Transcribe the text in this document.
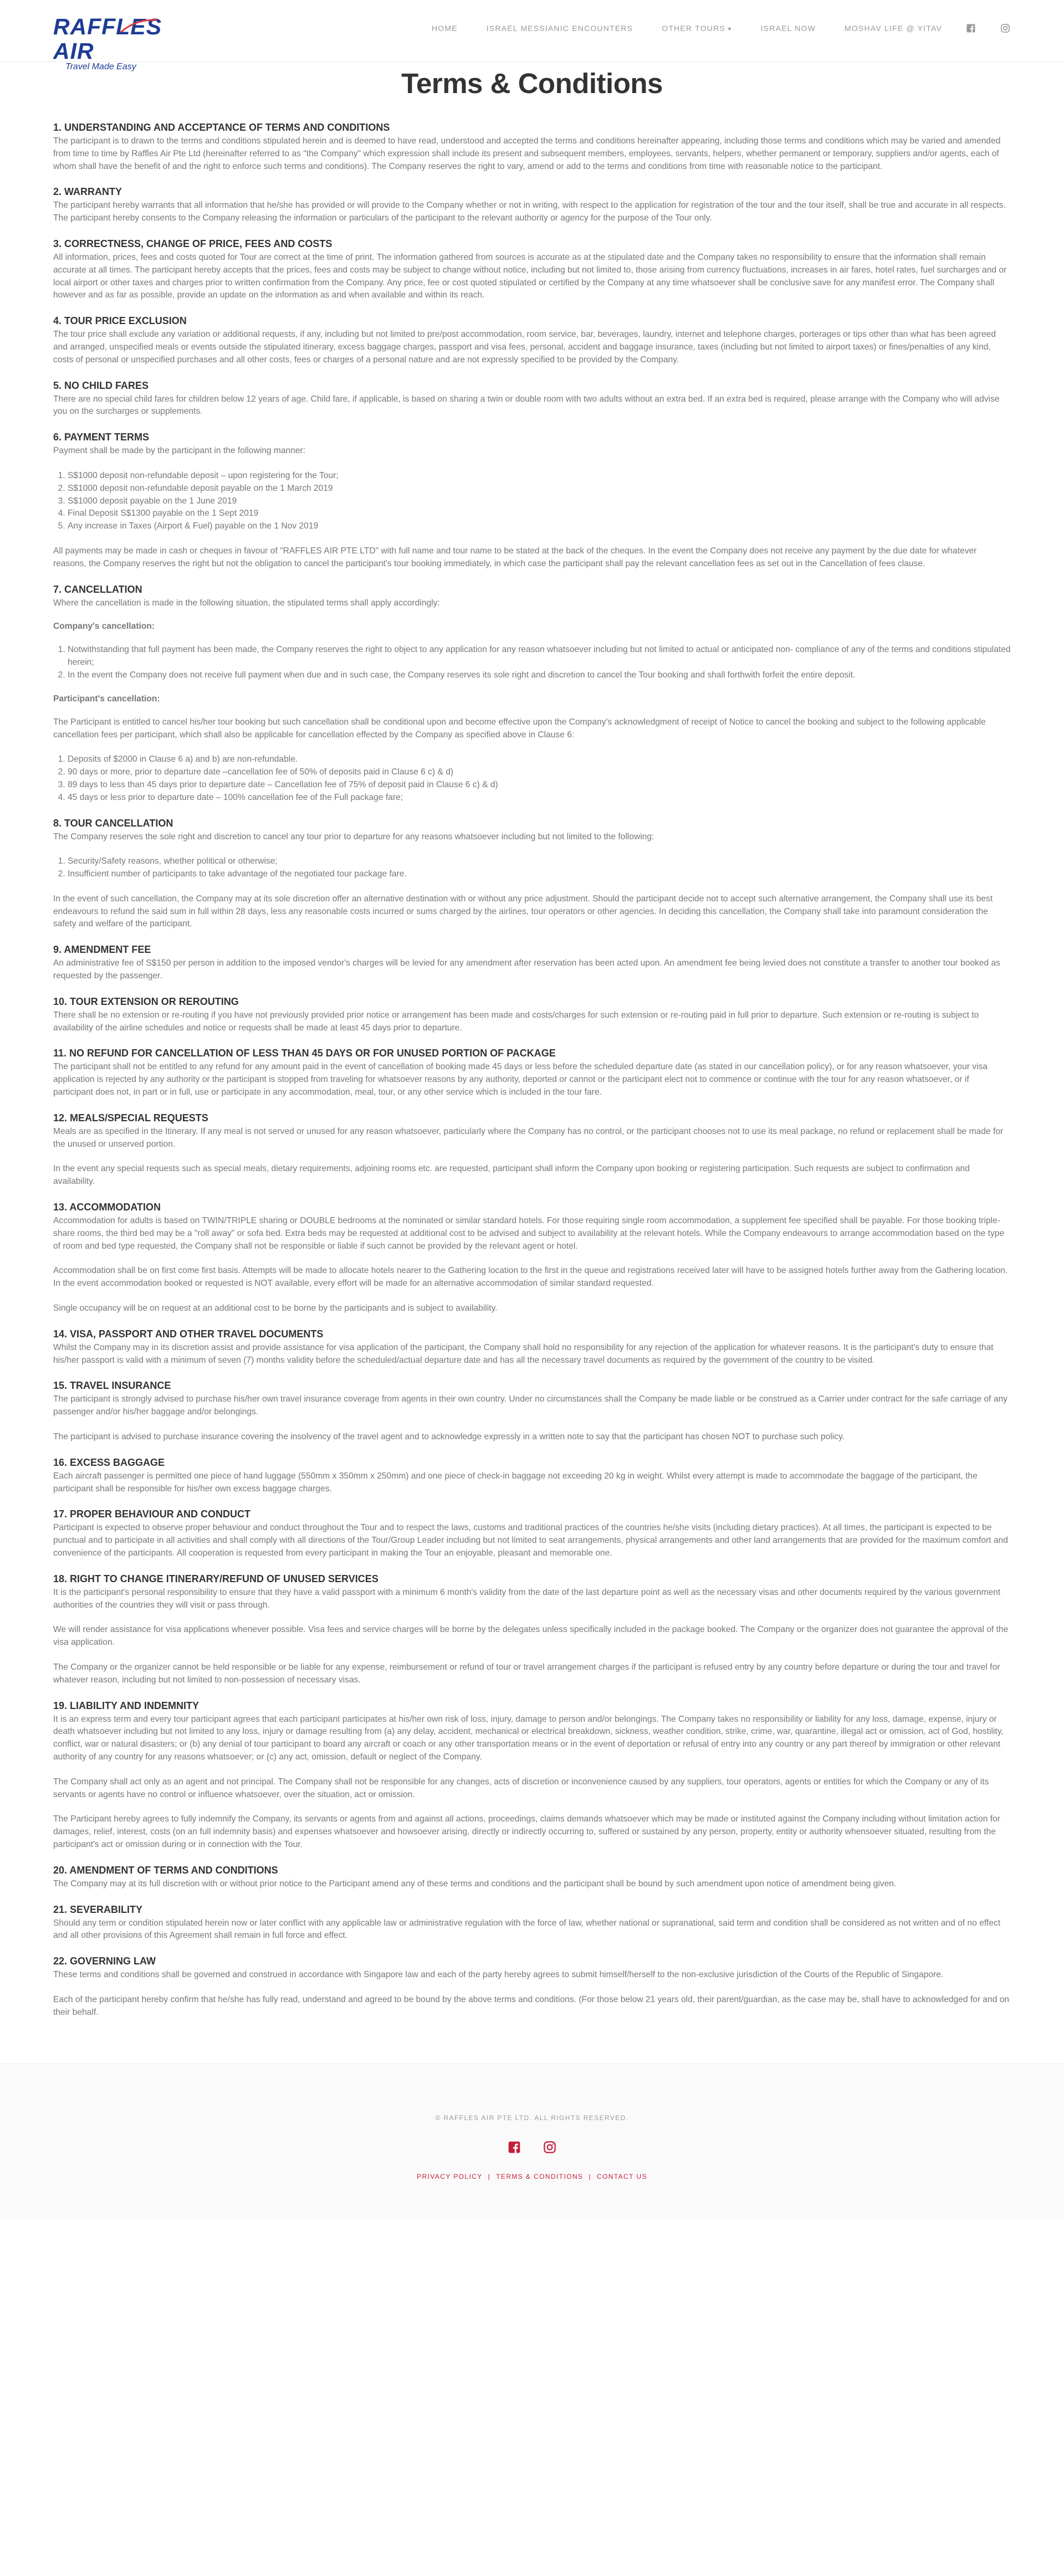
RAFFLES AIR
Travel Made Easy
HOME	ISRAEL MESSIANIC ENCOUNTERS	OTHER TOURS ▾	ISRAEL NOW	MOSHAV LIFE @ YITAV
Terms & Conditions
1. UNDERSTANDING AND ACCEPTANCE OF TERMS AND CONDITIONS

The participant is to drawn to the terms and conditions stipulated herein and is deemed to have read, understood and accepted the terms and conditions hereinafter appearing, including those terms and conditions which may be varied and amended from time to time by Raffles Air Pte Ltd (hereinafter referred to as "the Company" which expression shall include its present and subsequent members, employees, servants, helpers, whether permanent or temporary, suppliers and/or agents, each of whom shall have the benefit of and the right to enforce such terms and conditions). The Company reserves the right to vary, amend or add to the terms and conditions from time with reasonable notice to the participant.

2. WARRANTY

The participant hereby warrants that all information that he/she has provided or will provide to the Company whether or not in writing, with respect to the application for registration of the tour and the tour itself, shall be true and accurate in all respects. The participant hereby consents to the Company releasing the information or particulars of the participant to the relevant authority or agency for the purpose of the Tour only.

3. CORRECTNESS, CHANGE OF PRICE, FEES AND COSTS

All information, prices, fees and costs quoted for Tour are correct at the time of print. The information gathered from sources is accurate as at the stipulated date and the Company takes no responsibility to ensure that the information shall remain accurate at all times. The participant hereby accepts that the prices, fees and costs may be subject to change without notice, including but not limited to, those arising from currency fluctuations, increases in air fares, hotel rates, fuel surcharges and or local airport or other taxes and charges prior to written confirmation from the Company. Any price, fee or cost quoted stipulated or certified by the Company at any time whatsoever shall be conclusive save for any manifest error. The Company shall however and as far as possible, provide an update on the information as and when available and within its reach.

4. TOUR PRICE EXCLUSION

The tour price shall exclude any variation or additional requests, if any, including but not limited to pre/post accommodation, room service, bar, beverages, laundry, internet and telephone charges, porterages or tips other than what has been agreed and arranged, unspecified meals or events outside the stipulated itinerary, excess baggage charges, passport and visa fees, personal, accident and baggage insurance, taxes (including but not limited to airport taxes) or fines/penalties of any kind, costs of personal or unspecified purchases and all other costs, fees or charges of a personal nature and are not expressly specified to be provided by the Company.

5. NO CHILD FARES

There are no special child fares for children below 12 years of age. Child fare, if applicable, is based on sharing a twin or double room with two adults without an extra bed. If an extra bed is required, please arrange with the Company who will advise you on the surcharges or supplements.

6. PAYMENT TERMS

Payment shall be made by the participant in the following manner:

1. S$1000 deposit non-refundable deposit – upon registering for the Tour;
2. S$1000 deposit non-refundable deposit payable on the 1 March 2019
3. S$1000 deposit payable on the 1 June 2019
4. Final Deposit S$1300 payable on the 1 Sept 2019
5. Any increase in Taxes (Airport & Fuel) payable on the 1 Nov 2019

All payments may be made in cash or cheques in favour of "RAFFLES AIR PTE LTD" with full name and tour name to be stated at the back of the cheques. In the event the Company does not receive any payment by the due date for whatever reasons, the Company reserves the right but not the obligation to cancel the participant's tour booking immediately, in which case the participant shall pay the relevant cancellation fees as set out in the Cancellation of fees clause.

7. CANCELLATION

Where the cancellation is made in the following situation, the stipulated terms shall apply accordingly:

Company's cancellation:
1. Notwithstanding that full payment has been made, the Company reserves the right to object to any application for any reason whatsoever including but not limited to actual or anticipated non- compliance of any of the terms and conditions stipulated herein;
2. In the event the Company does not receive full payment when due and in such case, the Company reserves its sole right and discretion to cancel the Tour booking and shall forthwith forfeit the entire deposit.
Participant's cancellation:

The Participant is entitled to cancel his/her tour booking but such cancellation shall be conditional upon and become effective upon the Company's acknowledgment of receipt of Notice to cancel the booking and subject to the following applicable cancellation fees per participant, which shall also be applicable for cancellation effected by the Company as specified above in Clause 6:

1. Deposits of $2000 in Clause 6 a) and b) are non-refundable.
2. 90 days or more, prior to departure date –cancellation fee of 50% of deposits paid in Clause 6 c) & d)
3. 89 days to less than 45 days prior to departure date – Cancellation fee of 75% of deposit paid in Clause 6 c) & d)
4. 45 days or less prior to departure date – 100% cancellation fee of the Full package fare;
8. TOUR CANCELLATION

The Company reserves the sole right and discretion to cancel any tour prior to departure for any reasons whatsoever including but not limited to the following:

1. Security/Safety reasons, whether political or otherwise;
2. Insufficient number of participants to take advantage of the negotiated tour package fare.

In the event of such cancellation, the Company may at its sole discretion offer an alternative destination with or without any price adjustment. Should the participant decide not to accept such alternative arrangement, the Company shall use its best endeavours to refund the said sum in full within 28 days, less any reasonable costs incurred or sums charged by the airlines, tour operators or other agencies. In deciding this cancellation, the Company shall take into paramount consideration the safety and welfare of the participant.

9. AMENDMENT FEE

An administrative fee of S$150 per person in addition to the imposed vendor's charges will be levied for any amendment after reservation has been acted upon. An amendment fee being levied does not constitute a transfer to another tour booked as requested by the passenger.

10. TOUR EXTENSION OR REROUTING

There shall be no extension or re-routing if you have not previously provided prior notice or arrangement has been made and costs/charges for such extension or re-routing paid in full prior to departure. Such extension or re-routing is subject to availability of the airline schedules and notice or requests shall be made at least 45 days prior to departure.

11. NO REFUND FOR CANCELLATION OF LESS THAN 45 DAYS OR FOR UNUSED PORTION OF PACKAGE

The participant shall not be entitled to any refund for any amount paid in the event of cancellation of booking made 45 days or less before the scheduled departure date (as stated in our cancellation policy), or for any reason whatsoever, your visa application is rejected by any authority or the participant is stopped from traveling for whatsoever reasons by any authority, deported or cannot or the participant elect not to commence or continue with the tour for any reason whatsoever, or if participant does not, in part or in full, use or participate in any accommodation, meal, tour, or any other service which is included in the tour fare.

12. MEALS/SPECIAL REQUESTS

Meals are as specified in the Itinerary. If any meal is not served or unused for any reason whatsoever, particularly where the Company has no control, or the participant chooses not to use its meal package, no refund or replacement shall be made for the unused or unserved portion.

In the event any special requests such as special meals, dietary requirements, adjoining rooms etc. are requested, participant shall inform the Company upon booking or registering participation. Such requests are subject to confirmation and availability.

13. ACCOMMODATION

Accommodation for adults is based on TWIN/TRIPLE sharing or DOUBLE bedrooms at the nominated or similar standard hotels. For those requiring single room accommodation, a supplement fee specified shall be payable. For those booking triple-share rooms, the third bed may be a "roll away" or sofa bed. Extra beds may be requested at additional cost to be advised and subject to availability at the relevant hotels. While the Company endeavours to arrange accommodation based on the type of room and bed type requested, the Company shall not be responsible or liable if such cannot be provided by the relevant agent or hotel.

Accommodation shall be on first come first basis. Attempts will be made to allocate hotels nearer to the Gathering location to the first in the queue and registrations received later will have to be assigned hotels further away from the Gathering location. In the event accommodation booked or requested is NOT available, every effort will be made for an alternative accommodation of similar standard requested.

Single occupancy will be on request at an additional cost to be borne by the participants and is subject to availability.

14. VISA, PASSPORT AND OTHER TRAVEL DOCUMENTS

Whilst the Company may in its discretion assist and provide assistance for visa application of the participant, the Company shall hold no responsibility for any rejection of the application for whatever reasons. It is the participant's duty to ensure that his/her passport is valid with a minimum of seven (7) months validity before the scheduled/actual departure date and has all the necessary travel documents as required by the government of the country to be visited.

15. TRAVEL INSURANCE

The participant is strongly advised to purchase his/her own travel insurance coverage from agents in their own country. Under no circumstances shall the Company be made liable or be construed as a Carrier under contract for the safe carriage of any passenger and/or his/her baggage and/or belongings.

The participant is advised to purchase insurance covering the insolvency of the travel agent and to acknowledge expressly in a written note to say that the participant has chosen NOT to purchase such policy.

16. EXCESS BAGGAGE

Each aircraft passenger is permitted one piece of hand luggage (550mm x 350mm x 250mm) and one piece of check-in baggage not exceeding 20 kg in weight. Whilst every attempt is made to accommodate the baggage of the participant, the participant shall be responsible for his/her own excess baggage charges.

17. PROPER BEHAVIOUR AND CONDUCT

Participant is expected to observe proper behaviour and conduct throughout the Tour and to respect the laws, customs and traditional practices of the countries he/she visits (including dietary practices). At all times, the participant is expected to be punctual and to participate in all activities and shall comply with all directions of the Tour/Group Leader including but not limited to seat arrangements, physical arrangements and other land arrangements that are provided for the maximum comfort and convenience of the participants. All cooperation is requested from every participant in making the Tour an enjoyable, pleasant and memorable one.

18. RIGHT TO CHANGE ITINERARY/REFUND OF UNUSED SERVICES

It is the participant's personal responsibility to ensure that they have a valid passport with a minimum 6 month's validity from the date of the last departure point as well as the necessary visas and other documents required by the various government authorities of the countries they will visit or pass through.

We will render assistance for visa applications whenever possible. Visa fees and service charges will be borne by the delegates unless specifically included in the package booked. The Company or the organizer does not guarantee the approval of the visa application.

The Company or the organizer cannot be held responsible or be liable for any expense, reimbursement or refund of tour or travel arrangement charges if the participant is refused entry by any country before departure or during the tour and travel for whatever reason, including but not limited to non-possession of necessary visas.

19. LIABILITY AND INDEMNITY

It is an express term and every tour participant agrees that each participant participates at his/her own risk of loss, injury, damage to person and/or belongings. The Company takes no responsibility or liability for any loss, damage, expense, injury or death whatsoever including but not limited to any loss, injury or damage resulting from (a) any delay, accident, mechanical or electrical breakdown, sickness, weather condition, strike, crime, war, quarantine, illegal act or omission, act of God, hostility, conflict, war or natural disasters; or (b) any denial of tour participant to board any aircraft or coach or any other transportation means or in the event of deportation or refusal of entry into any country or any part thereof by immigration or other relevant authority of any country for any reasons whatsoever; or (c) any act, omission, default or neglect of the Company.

The Company shall act only as an agent and not principal. The Company shall not be responsible for any changes, acts of discretion or inconvenience caused by any suppliers, tour operators, agents or entities for which the Company or any of its servants or agents have no control or influence whatsoever, over the situation, act or omission.

The Participant hereby agrees to fully indemnify the Company, its servants or agents from and against all actions, proceedings, claims demands whatsoever which may be made or instituted against the Company including without limitation action for damages, relief, interest, costs (on an full indemnity basis) and expenses whatsoever and howsoever arising, directly or indirectly occurring to, suffered or sustained by any person, property, entity or authority whensoever situated, resulting from the participant's act or omission during or in connection with the Tour.

20. AMENDMENT OF TERMS AND CONDITIONS

The Company may at its full discretion with or without prior notice to the Participant amend any of these terms and conditions and the participant shall be bound by such amendment upon notice of amendment being given.

21. SEVERABILITY

Should any term or condition stipulated herein now or later conflict with any applicable law or administrative regulation with the force of law, whether national or supranational, said term and condition shall be considered as not written and of no effect and all other provisions of this Agreement shall remain in full force and effect.

22. GOVERNING LAW

These terms and conditions shall be governed and construed in accordance with Singapore law and each of the party hereby agrees to submit himself/herself to the non-exclusive jurisdiction of the Courts of the Republic of Singapore.

Each of the participant hereby confirm that he/she has fully read, understand and agreed to be bound by the above terms and conditions. (For those below 21 years old, their parent/guardian, as the case may be, shall have to acknowledged for and on their behalf.

© RAFFLES AIR PTE LTD. ALL RIGHTS RESERVED.
PRIVACY POLICY | TERMS & CONDITIONS | CONTACT US
